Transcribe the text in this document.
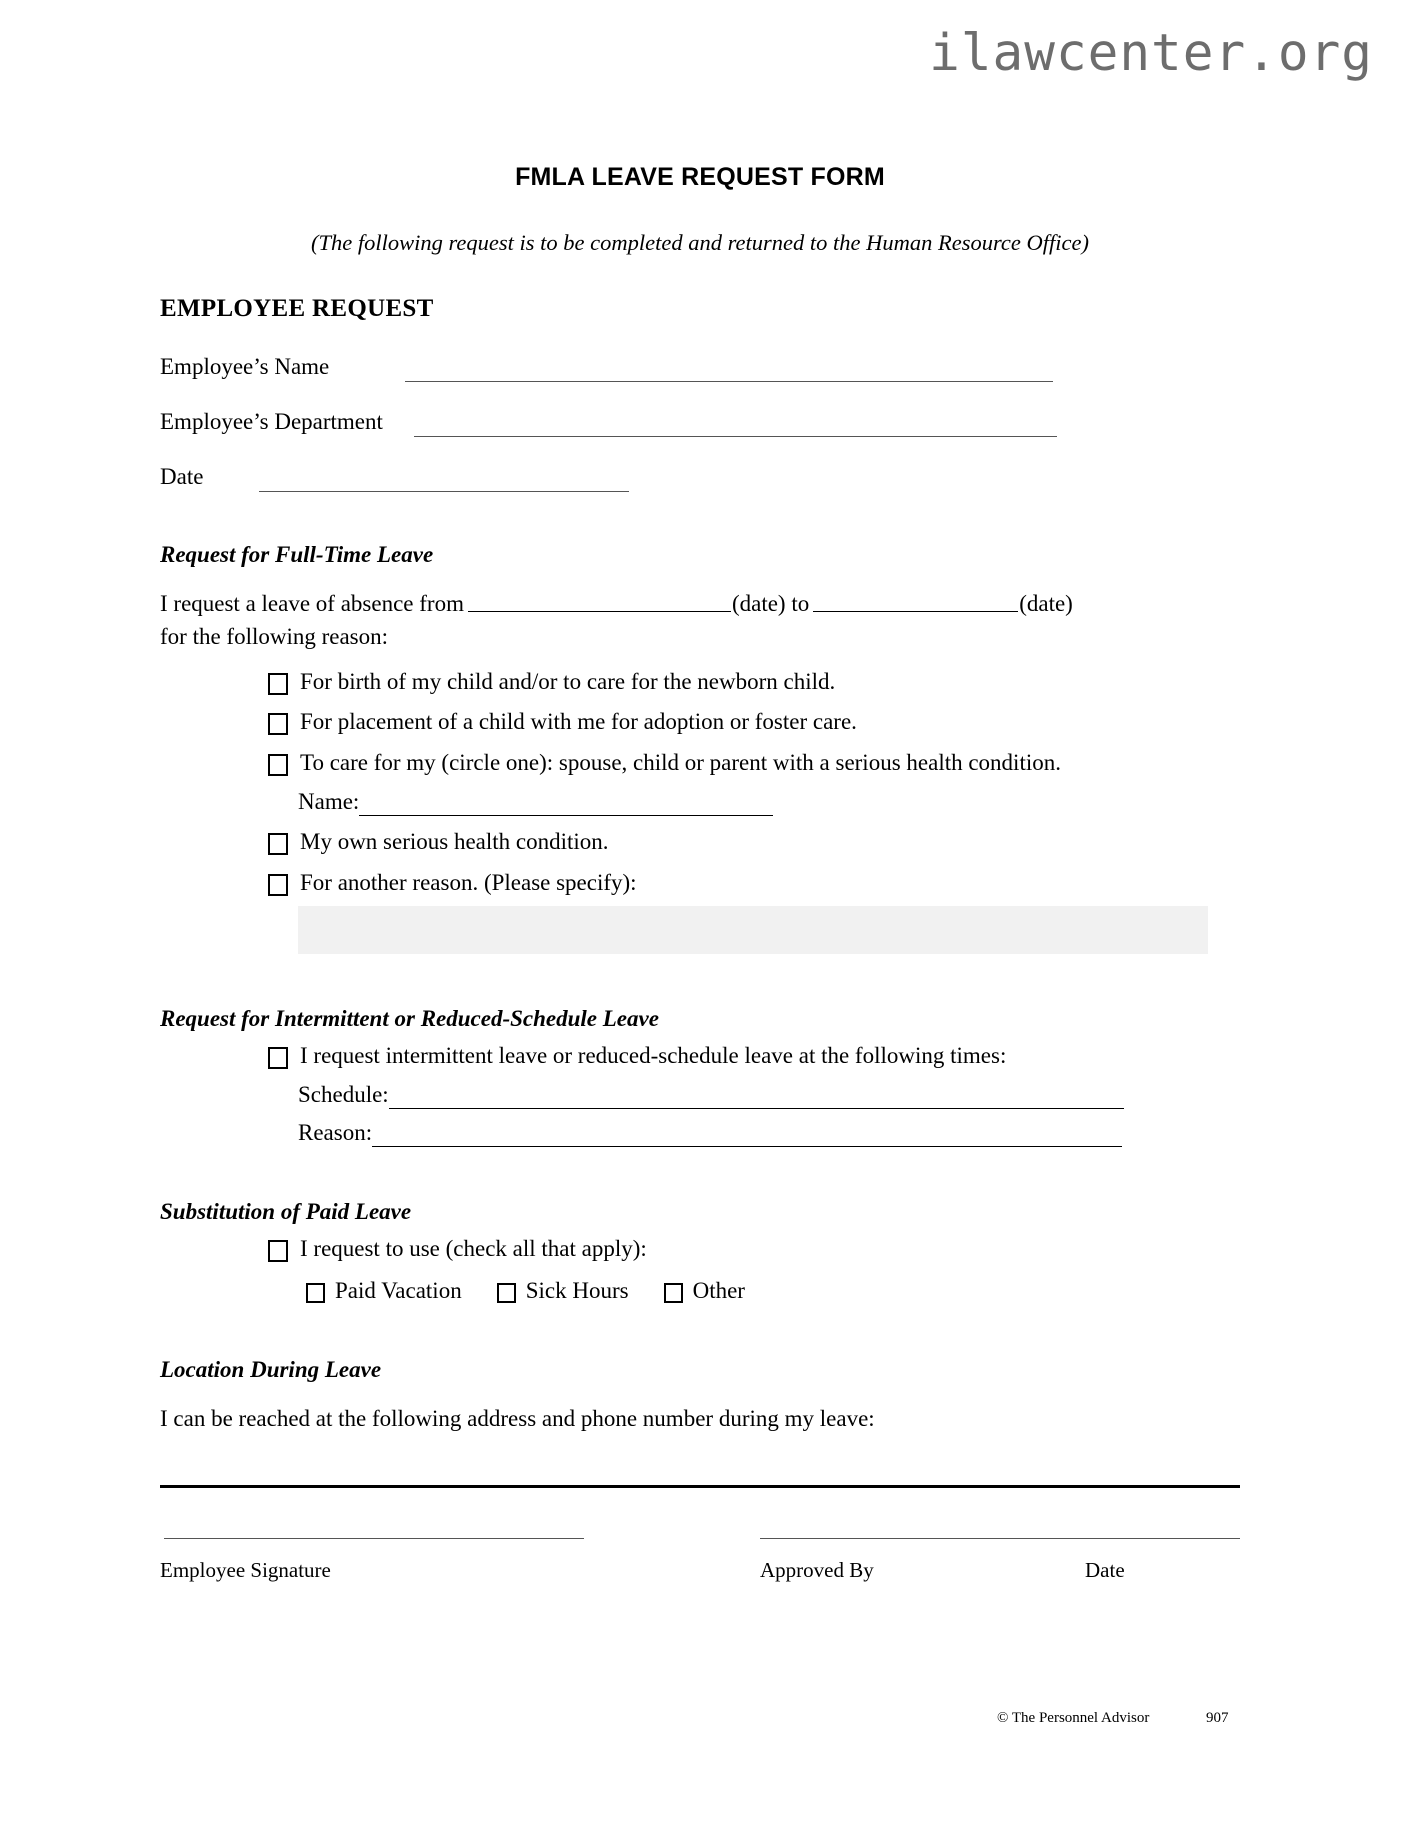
ilawcenter.org
FMLA LEAVE REQUEST FORM
(The following request is to be completed and returned to the Human Resource Office)
EMPLOYEE REQUEST
Employee’s Name
Employee’s Department
Date
Request for Full-Time Leave
I request a leave of absence from	(date) to	(date)
for the following reason:
For birth of my child and/or to care for the newborn child.
For placement of a child with me for adoption or foster care.
To care for my (circle one): spouse, child or parent with a serious health condition.
Name:
My own serious health condition.
For another reason. (Please specify):
Request for Intermittent or Reduced-Schedule Leave
I request intermittent leave or reduced-schedule leave at the following times:
Schedule:
Reason:
Substitution of Paid Leave
I request to use (check all that apply):
Paid Vacation	Sick Hours	Other
Location During Leave
I can be reached at the following address and phone number during my leave:
Employee Signature	Approved By	Date
© The Personnel Advisor	907
